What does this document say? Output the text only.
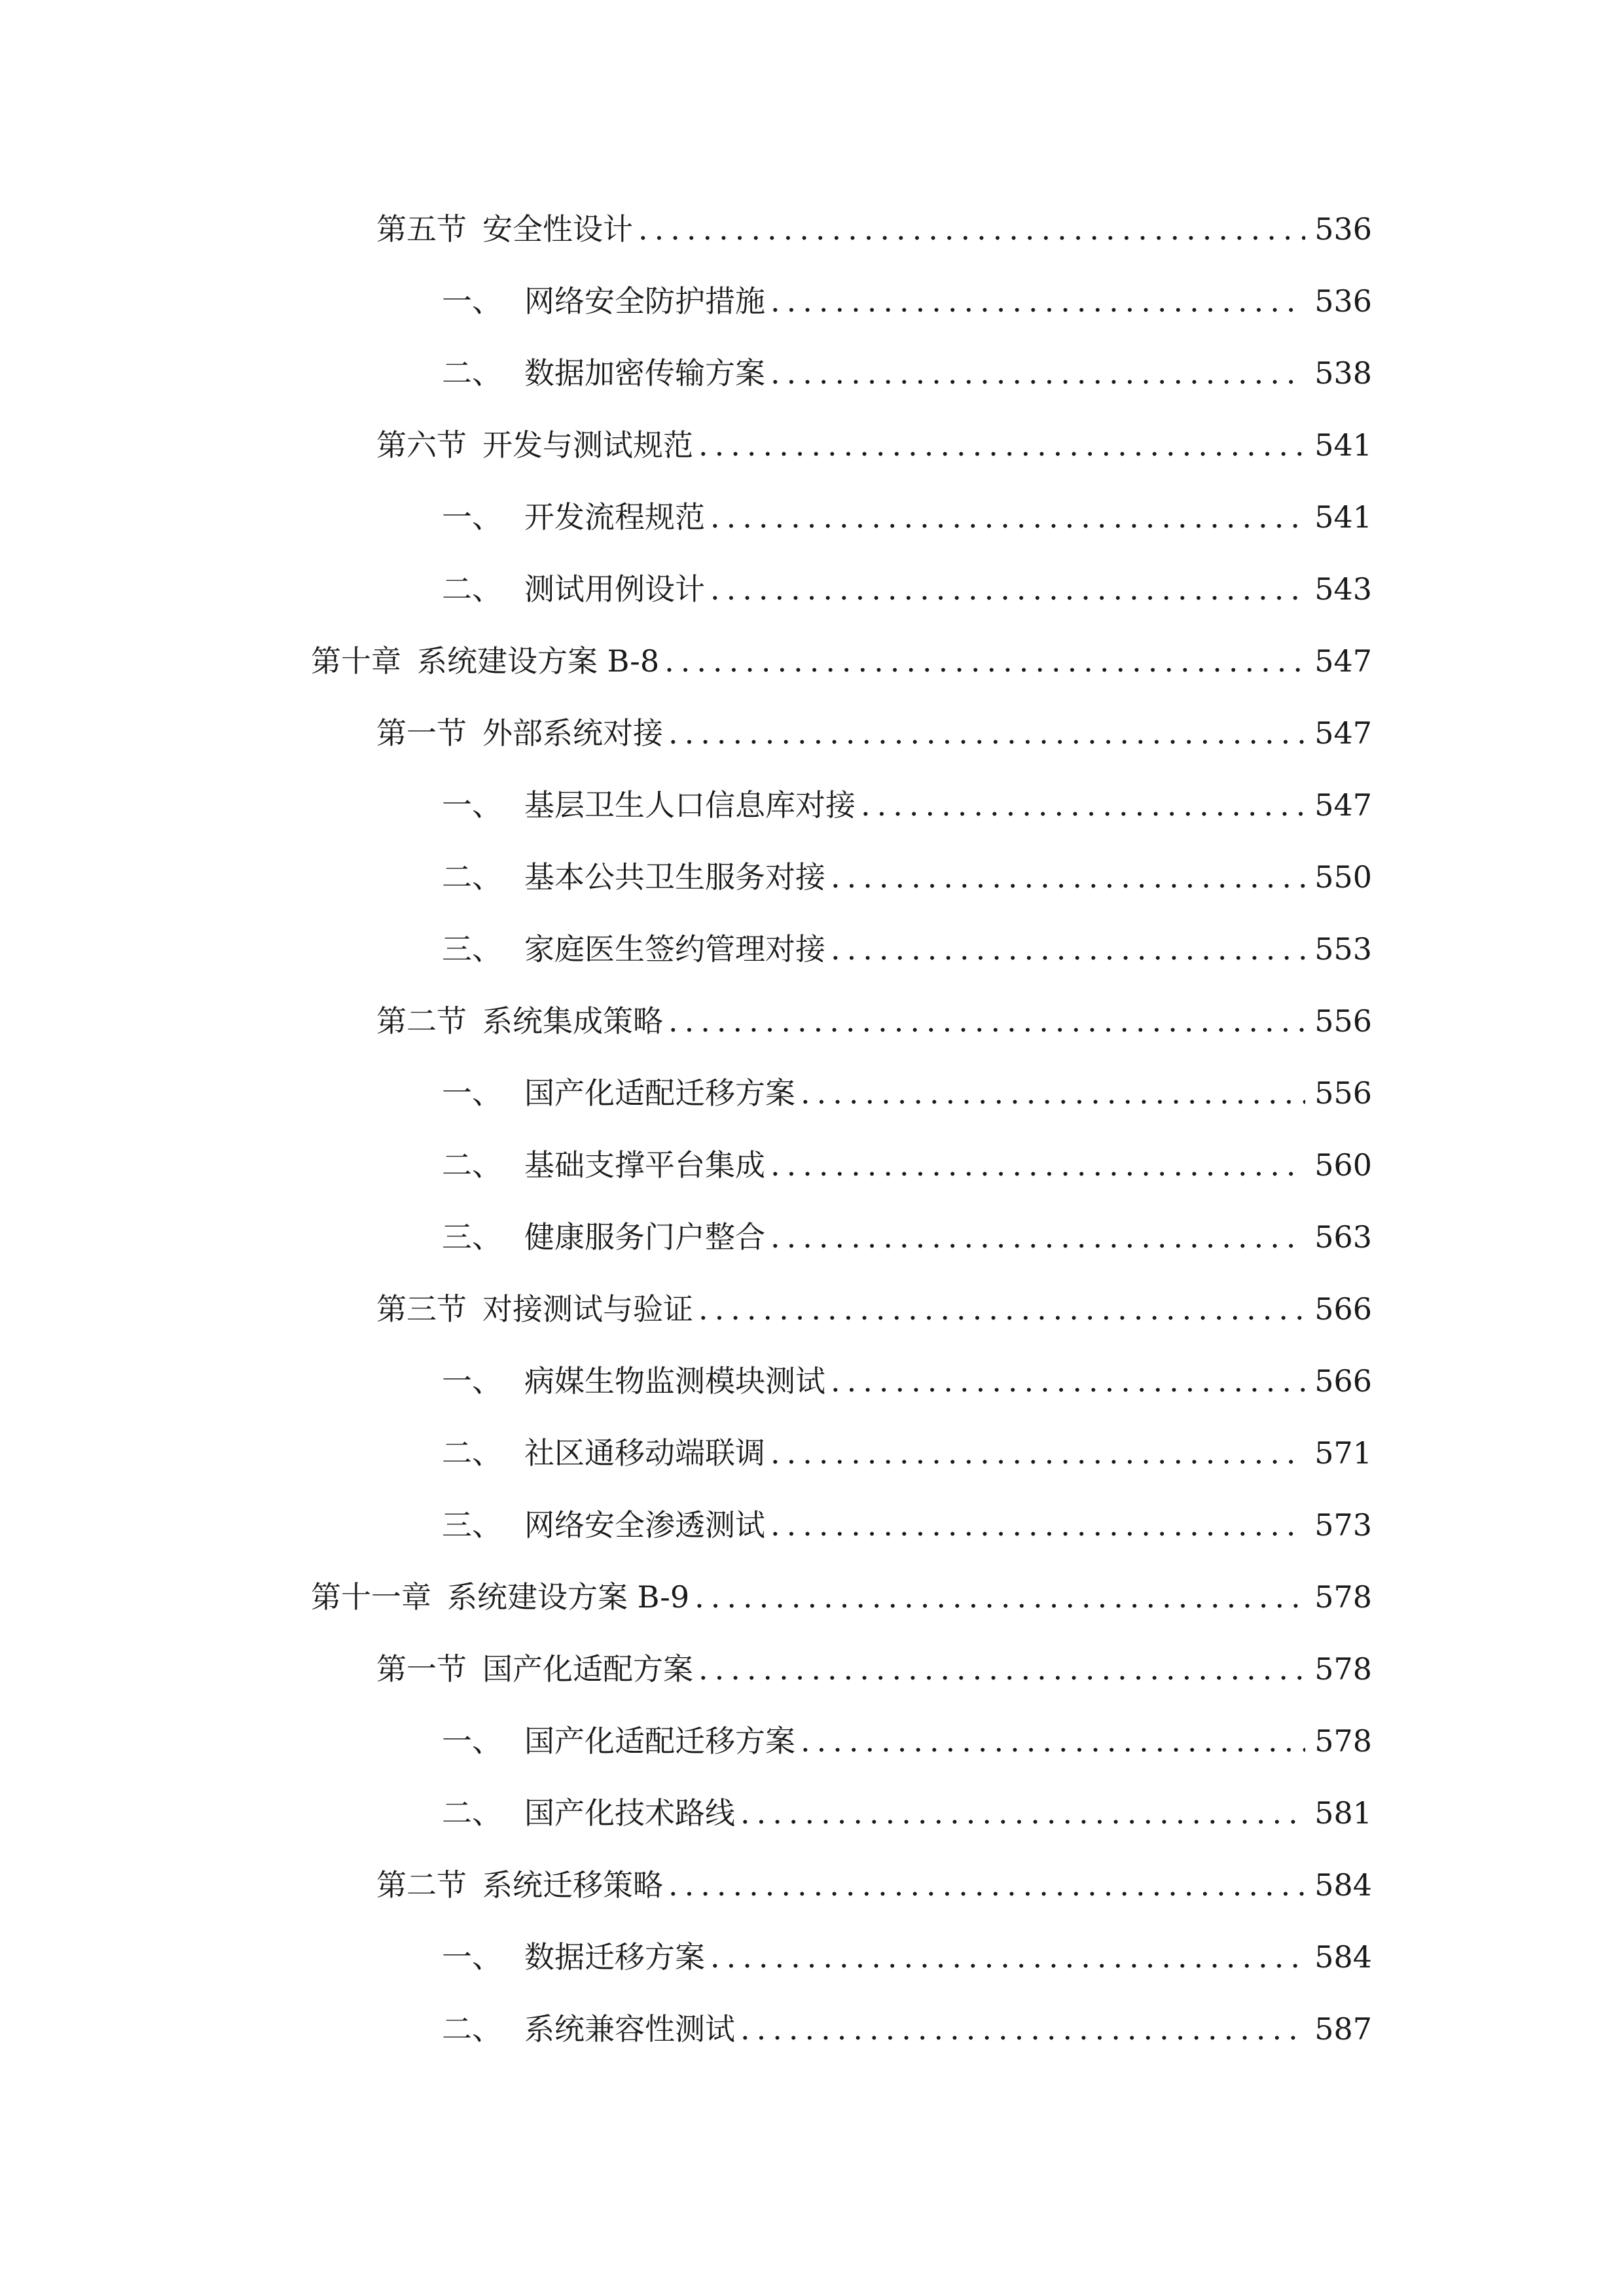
第五节 安全性设计 .....	536
一、 网络安全防护措施 .....	536
二、 数据加密传输方案 .....	538
第六节 开发与测试规范 .....	541
一、 开发流程规范 .....	541
二、 测试用例设计 .....	543
第十章 系统建设方案 B-8 .....	547
第一节 外部系统对接 .....	547
一、 基层卫生人口信息库对接 .....	547
二、 基本公共卫生服务对接 .....	550
三、 家庭医生签约管理对接 .....	553
第二节 系统集成策略 .....	556
一、 国产化适配迁移方案 .....	556
二、 基础支撑平台集成 .....	560
三、 健康服务门户整合 .....	563
第三节 对接测试与验证 .....	566
一、 病媒生物监测模块测试 .....	566
二、 社区通移动端联调 .....	571
三、 网络安全渗透测试 .....	573
第十一章 系统建设方案 B-9 .....	578
第一节 国产化适配方案 .....	578
一、 国产化适配迁移方案 .....	578
二、 国产化技术路线 .....	581
第二节 系统迁移策略 .....	584
一、 数据迁移方案 .....	584
二、 系统兼容性测试 .....	587
